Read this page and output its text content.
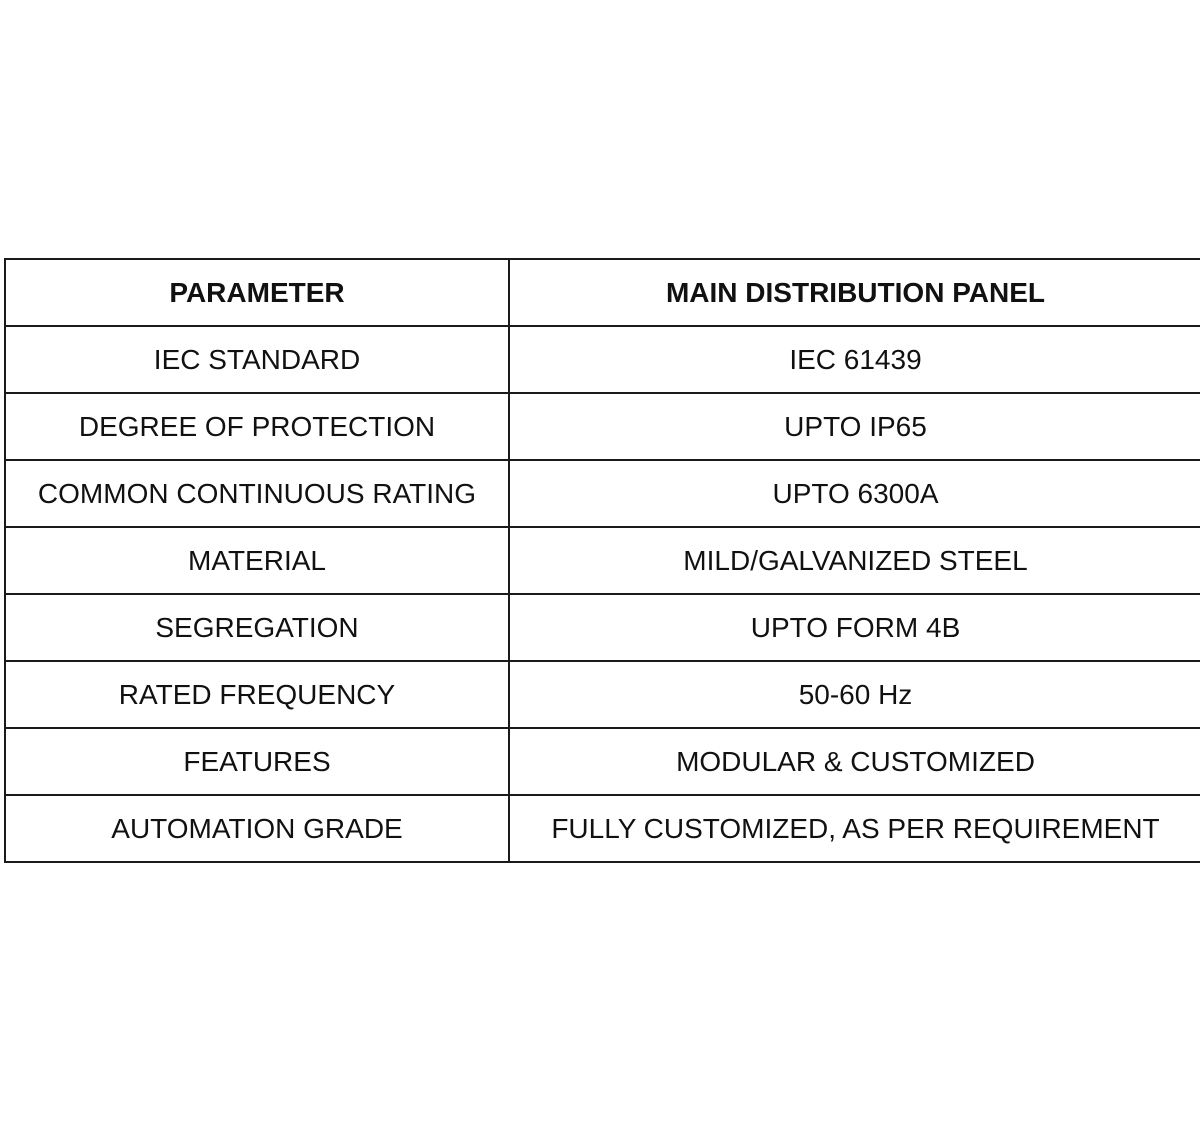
PARAMETER	MAIN DISTRIBUTION PANEL
IEC STANDARD	IEC 61439
DEGREE OF PROTECTION	UPTO IP65
COMMON CONTINUOUS RATING	UPTO 6300A
MATERIAL	MILD/GALVANIZED STEEL
SEGREGATION	UPTO FORM 4B
RATED FREQUENCY	50-60 Hz
FEATURES	MODULAR & CUSTOMIZED
AUTOMATION GRADE	FULLY CUSTOMIZED, AS PER REQUIREMENT
